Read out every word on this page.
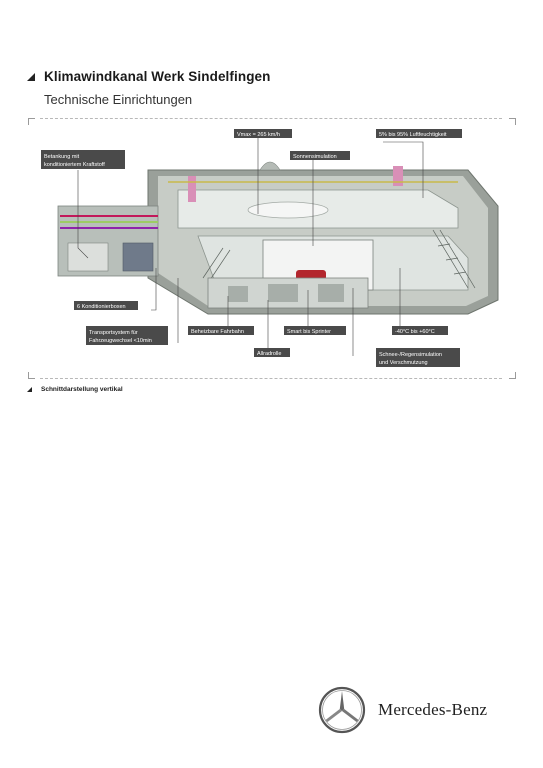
Klimawindkanal Werk Sindelfingen
Technische Einrichtungen
Betankung mit
konditioniertem Kraftstoff
Vmax = 265 km/h
Sonnensimulation
5% bis 95% Luftfeuchtigkeit
6 Konditionierboxen
Transportsystem für
Fahrzeugwechsel <10min
Beheizbare Fahrbahn	Smart bis Sprinter	-40°C bis +60°C
Allradrolle	Schnee-/Regensimulation
und Verschmutzung
Schnittdarstellung vertikal
Mercedes-Benz
